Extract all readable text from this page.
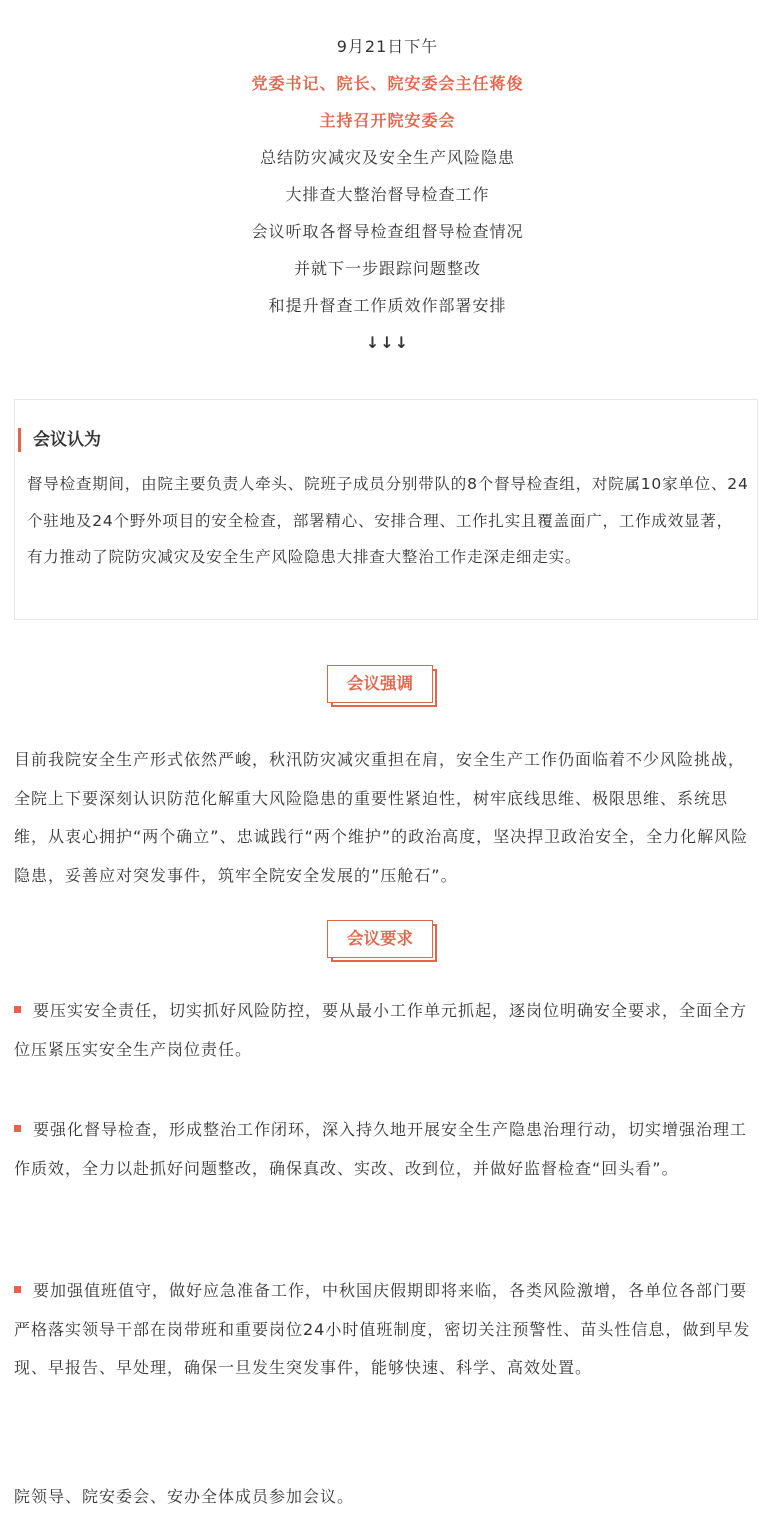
9月21日下午
党委书记、院长、院安委会主任蒋俊
主持召开院安委会
总结防灾减灾及安全生产风险隐患
大排查大整治督导检查工作
会议听取各督导检查组督导检查情况
并就下一步跟踪问题整改
和提升督查工作质效作部署安排
↓↓↓
会议认为
督导检查期间，由院主要负责人牵头、院班子成员分别带队的8个督导检查组，对院属10家单位、24个驻地及24个野外项目的安全检查，部署精心、安排合理、工作扎实且覆盖面广，工作成效显著，有力推动了院防灾减灾及安全生产风险隐患大排查大整治工作走深走细走实。
会议强调
目前我院安全生产形式依然严峻，秋汛防灾减灾重担在肩，安全生产工作仍面临着不少风险挑战，全院上下要深刻认识防范化解重大风险隐患的重要性紧迫性，树牢底线思维、极限思维、系统思维，从衷心拥护“两个确立”、忠诚践行“两个维护”的政治高度，坚决捍卫政治安全，全力化解风险隐患，妥善应对突发事件，筑牢全院安全发展的”压舱石”。
会议要求
要压实安全责任，切实抓好风险防控，要从最小工作单元抓起，逐岗位明确安全要求，全面全方位压紧压实安全生产岗位责任。
要强化督导检查，形成整治工作闭环，深入持久地开展安全生产隐患治理行动，切实增强治理工作质效，全力以赴抓好问题整改，确保真改、实改、改到位，并做好监督检查“回头看”。
要加强值班值守，做好应急准备工作，中秋国庆假期即将来临，各类风险激增，各单位各部门要严格落实领导干部在岗带班和重要岗位24小时值班制度，密切关注预警性、苗头性信息，做到早发现、早报告、早处理，确保一旦发生突发事件，能够快速、科学、高效处置。
院领导、院安委会、安办全体成员参加会议。
